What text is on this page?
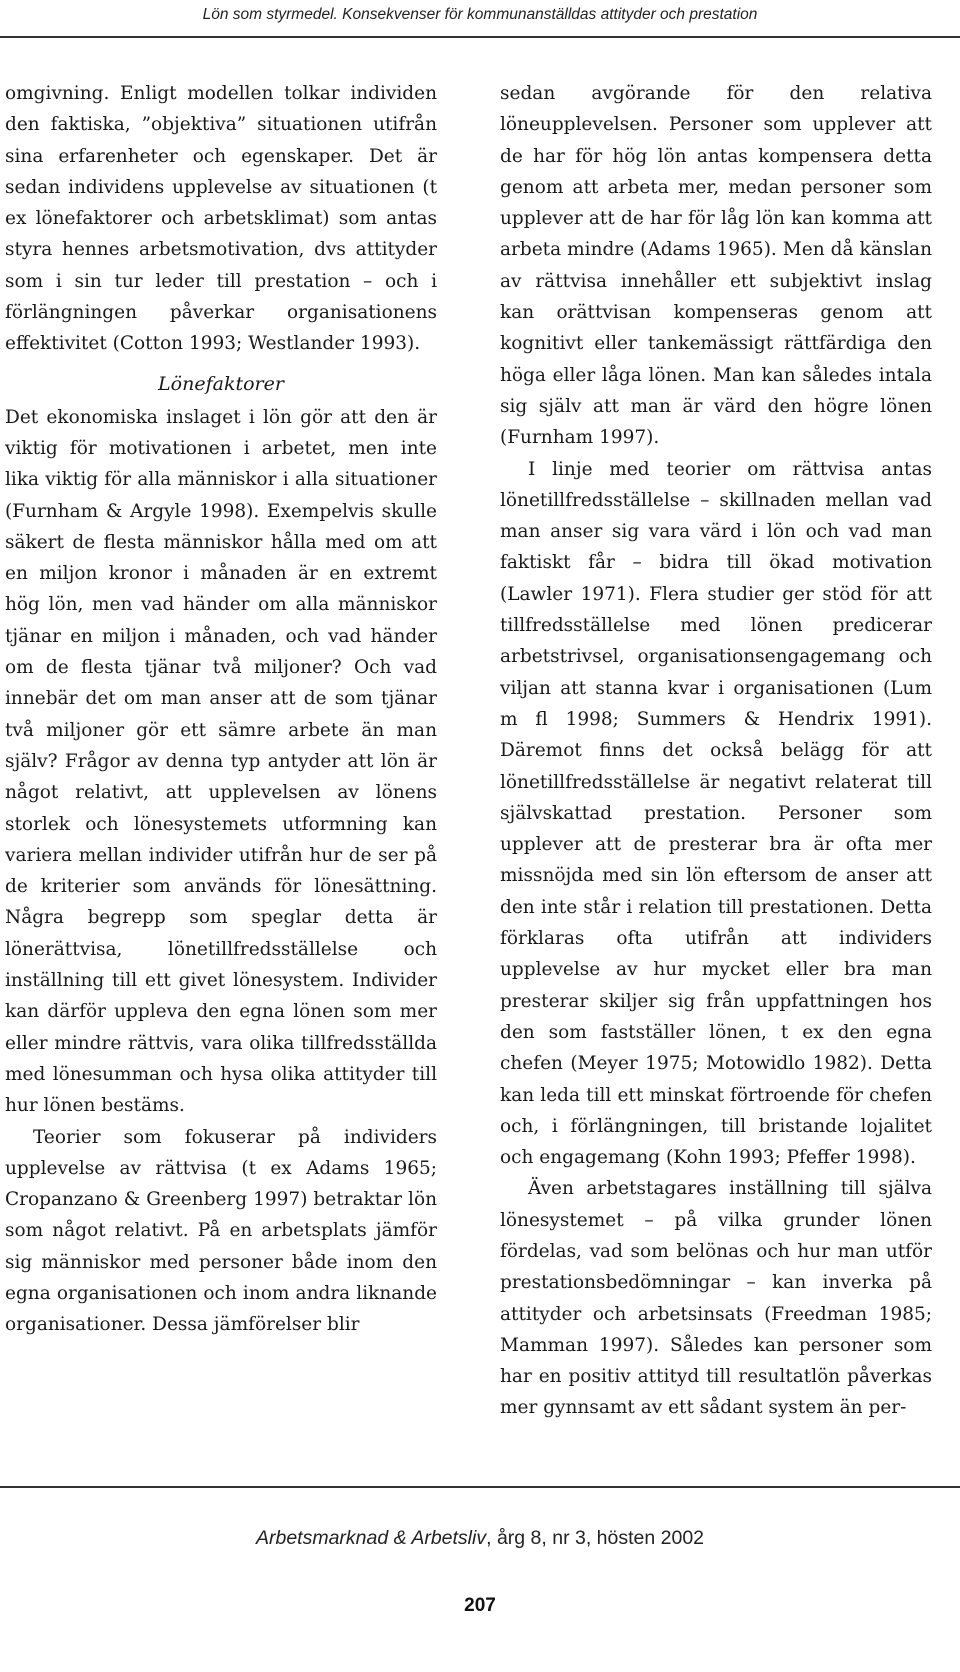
Lön som styrmedel. Konsekvenser för kommunanställdas attityder och prestation

omgivning. Enligt modellen tolkar individen den faktiska, ”objektiva” situationen utifrån sina erfarenheter och egenskaper. Det är sedan individens upplevelse av situationen (t ex lönefaktorer och arbetsklimat) som antas styra hennes arbetsmotivation, dvs attityder som i sin tur leder till prestation – och i förlängningen påverkar organisationens effektivitet (Cotton 1993; Westlander 1993).

Lönefaktorer

Det ekonomiska inslaget i lön gör att den är viktig för motivationen i arbetet, men inte lika viktig för alla människor i alla situationer (Furnham & Argyle 1998). Exempelvis skulle säkert de flesta människor hålla med om att en miljon kronor i månaden är en extremt hög lön, men vad händer om alla människor tjänar en miljon i månaden, och vad händer om de flesta tjänar två miljoner? Och vad innebär det om man anser att de som tjänar två miljoner gör ett sämre arbete än man själv? Frågor av denna typ antyder att lön är något relativt, att upplevelsen av lönens storlek och lönesystemets utformning kan variera mellan individer utifrån hur de ser på de kriterier som används för lönesättning. Några begrepp som speglar detta är lönerättvisa, lönetillfredsställelse och inställning till ett givet lönesystem. Individer kan därför uppleva den egna lönen som mer eller mindre rättvis, vara olika tillfredsställda med lönesumman och hysa olika attityder till hur lönen bestäms.

Teorier som fokuserar på individers upplevelse av rättvisa (t ex Adams 1965; Cropanzano & Greenberg 1997) betraktar lön som något relativt. På en arbetsplats jämför sig människor med personer både inom den egna organisationen och inom andra liknande organisationer. Dessa jämförelser blir

sedan avgörande för den relativa löneupplevelsen. Personer som upplever att de har för hög lön antas kompensera detta genom att arbeta mer, medan personer som upplever att de har för låg lön kan komma att arbeta mindre (Adams 1965). Men då känslan av rättvisa innehåller ett subjektivt inslag kan orättvisan kompenseras genom att kognitivt eller tankemässigt rättfärdiga den höga eller låga lönen. Man kan således intala sig själv att man är värd den högre lönen (Furnham 1997).

I linje med teorier om rättvisa antas lönetillfredsställelse – skillnaden mellan vad man anser sig vara värd i lön och vad man faktiskt får – bidra till ökad motivation (Lawler 1971). Flera studier ger stöd för att tillfredsställelse med lönen predicerar arbetstrivsel, organisationsengagemang och viljan att stanna kvar i organisationen (Lum m fl 1998; Summers & Hendrix 1991). Däremot finns det också belägg för att lönetillfredsställelse är negativt relaterat till självskattad prestation. Personer som upplever att de presterar bra är ofta mer missnöjda med sin lön eftersom de anser att den inte står i relation till prestationen. Detta förklaras ofta utifrån att individers upplevelse av hur mycket eller bra man presterar skiljer sig från uppfattningen hos den som fastställer lönen, t ex den egna chefen (Meyer 1975; Motowidlo 1982). Detta kan leda till ett minskat förtroende för chefen och, i förlängningen, till bristande lojalitet och engagemang (Kohn 1993; Pfeffer 1998).

Även arbetstagares inställning till själva lönesystemet – på vilka grunder lönen fördelas, vad som belönas och hur man utför prestationsbedömningar – kan inverka på attityder och arbetsinsats (Freedman 1985; Mamman 1997). Således kan personer som har en positiv attityd till resultatlön påverkas mer gynnsamt av ett sådant system än per-

Arbetsmarknad & Arbetsliv, årg 8, nr 3, hösten 2002
207
